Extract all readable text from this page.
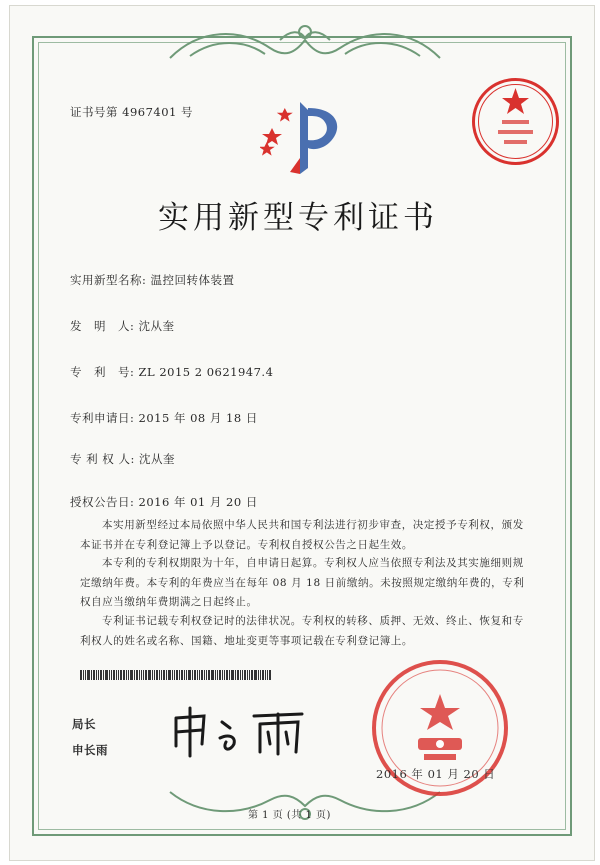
证书号第 4967401 号
实用新型专利证书
实用新型名称: 温控回转体装置
发　明　人: 沈从奎
专　利　号: ZL 2015 2 0621947.4
专利申请日: 2015 年 08 月 18 日
专 利 权 人: 沈从奎
授权公告日: 2016 年 01 月 20 日
本实用新型经过本局依照中华人民共和国专利法进行初步审查，决定授予专利权，颁发本证书并在专利登记簿上予以登记。专利权自授权公告之日起生效。
本专利的专利权期限为十年，自申请日起算。专利权人应当依照专利法及其实施细则规定缴纳年费。本专利的年费应当在每年 08 月 18 日前缴纳。未按照规定缴纳年费的，专利权自应当缴纳年费期满之日起终止。
专利证书记载专利权登记时的法律状况。专利权的转移、质押、无效、终止、恢复和专利权人的姓名或名称、国籍、地址变更等事项记载在专利登记簿上。
局长
申长雨
2016 年 01 月 20 日
第 1 页 (共 1 页)
